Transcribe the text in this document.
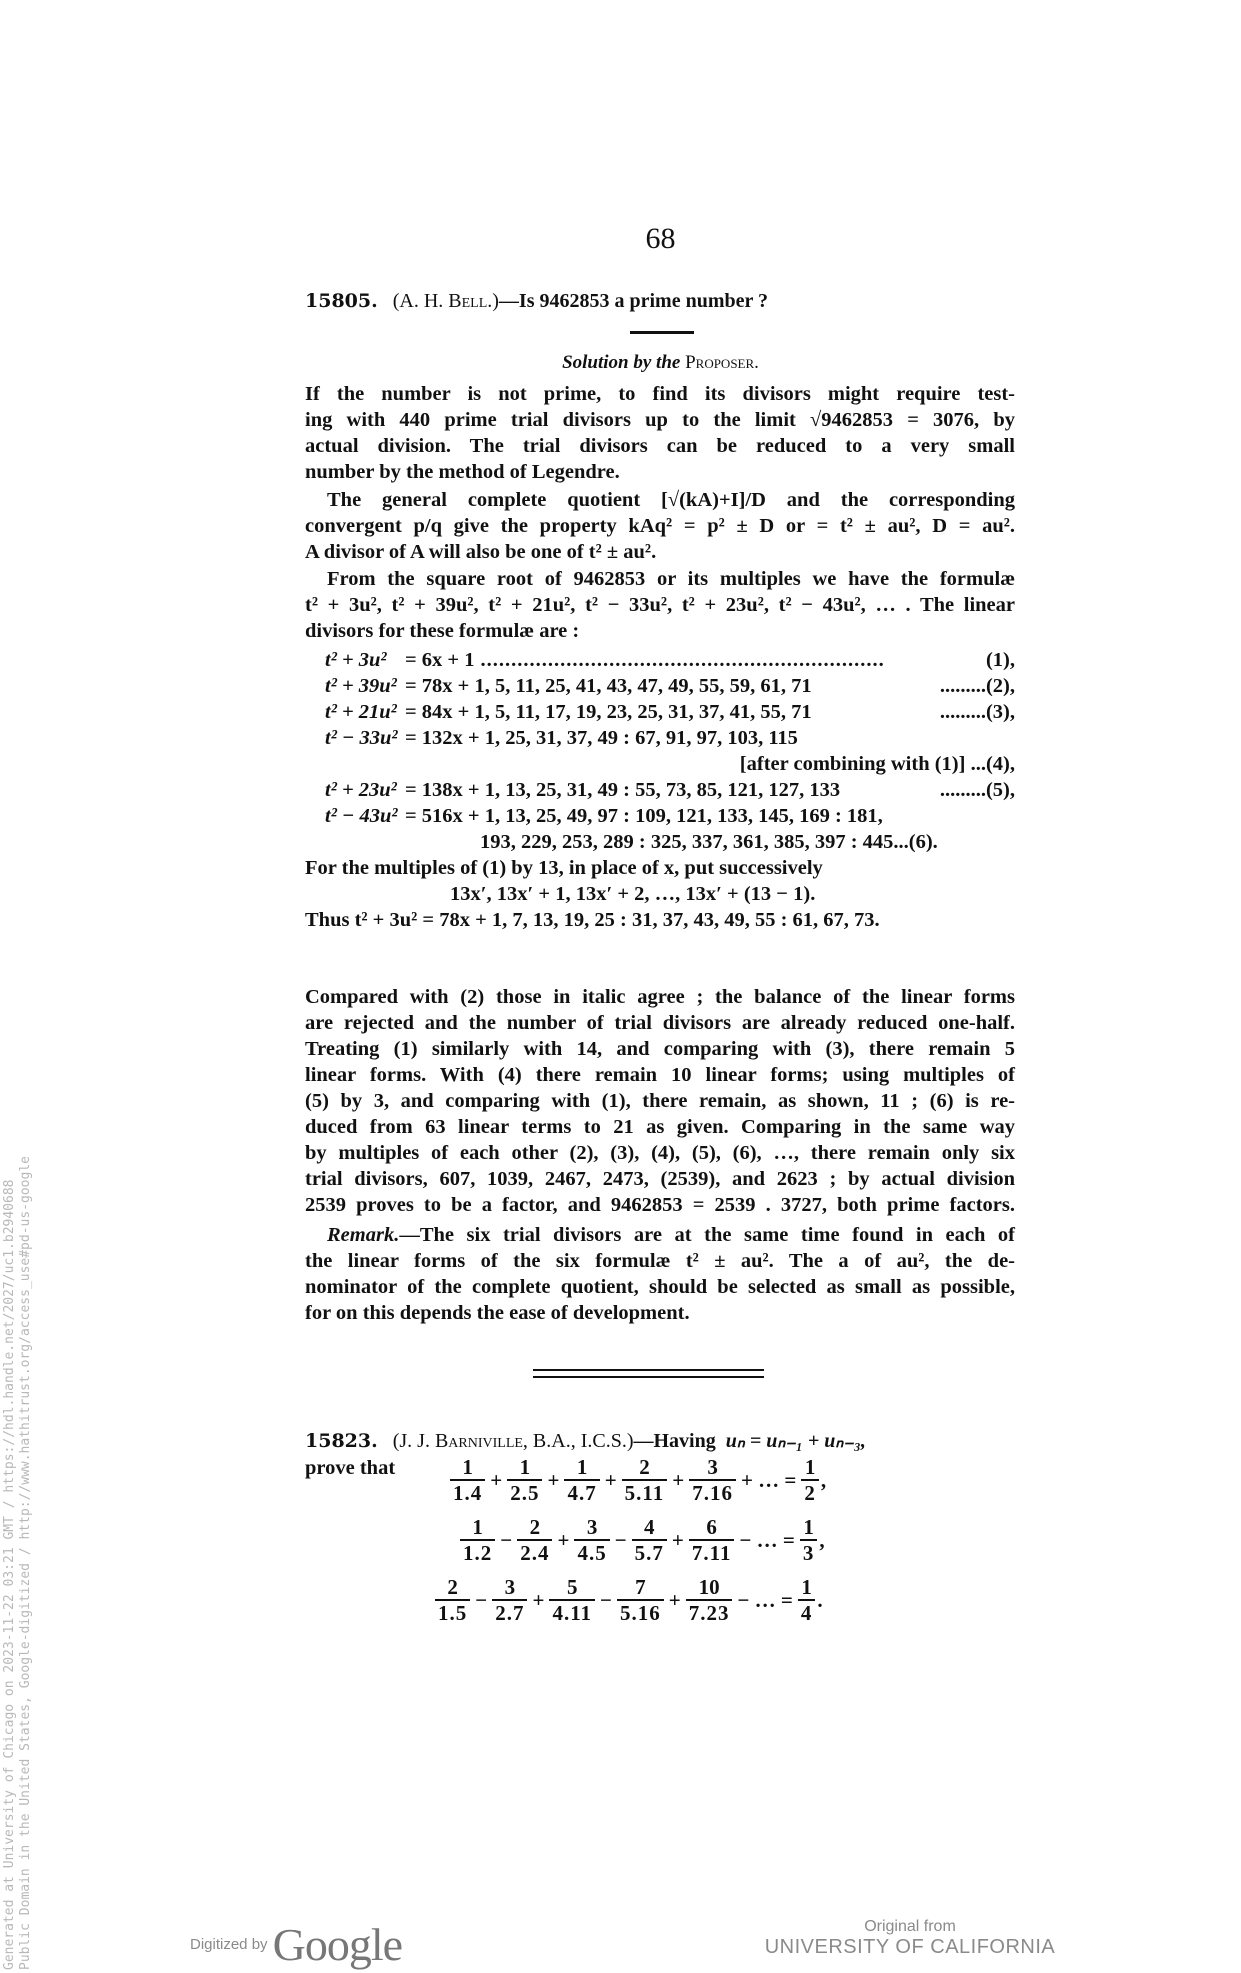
Generated at University of Chicago on 2023-11-22 03:21 GMT / https://hdl.handle.net/2027/uc1.b2940688 Public Domain in the United States, Google-digitized / http://www.hathitrust.org/access_use#pd-us-google
68
15805. (A. H. Bell.)—Is 9462853 a prime number ?
Solution by the Proposer.
If the number is not prime, to find its divisors might require test-
ing with 440 prime trial divisors up to the limit √9462853 = 3076, by
actual division. The trial divisors can be reduced to a very small
number by the method of Legendre.
The general complete quotient [√(kA)+I]/D and the corresponding
convergent p/q give the property kAq² = p² ± D or = t² ± au², D = au².
A divisor of A will also be one of t² ± au².
From the square root of 9462853 or its multiples we have the formulæ
t² + 3u², t² + 39u², t² + 21u², t² − 33u², t² + 23u², t² − 43u², … . The linear
divisors for these formulæ are :
t² + 3u² = 6x + 1 ..................................................................	(1),
t² + 39u² = 78x + 1, 5, 11, 25, 41, 43, 47, 49, 55, 59, 61, 71	......... (2),
t² + 21u² = 84x + 1, 5, 11, 17, 19, 23, 25, 31, 37, 41, 55, 71	......... (3),
t² − 33u² = 132x + 1, 25, 31, 37, 49 : 67, 91, 97, 103, 115
[after combining with (1)] ...(4),
t² + 23u² = 138x + 1, 13, 25, 31, 49 : 55, 73, 85, 121, 127, 133	......... (5),
t² − 43u² = 516x + 1, 13, 25, 49, 97 : 109, 121, 133, 145, 169 : 181,
193, 229, 253, 289 : 325, 337, 361, 385, 397 : 445...(6).
For the multiples of (1) by 13, in place of x, put successively
13x′, 13x′ + 1, 13x′ + 2, …, 13x′ + (13 − 1).
Thus t² + 3u² = 78x + 1, 7, 13, 19, 25 : 31, 37, 43, 49, 55 : 61, 67, 73.
Compared with (2) those in italic agree ; the balance of the linear forms
are rejected and the number of trial divisors are already reduced one-half.
Treating (1) similarly with 14, and comparing with (3), there remain 5
linear forms. With (4) there remain 10 linear forms; using multiples of
(5) by 3, and comparing with (1), there remain, as shown, 11 ; (6) is re-
duced from 63 linear terms to 21 as given. Comparing in the same way
by multiples of each other (2), (3), (4), (5), (6), …, there remain only six
trial divisors, 607, 1039, 2467, 2473, (2539), and 2623 ; by actual division
2539 proves to be a factor, and 9462853 = 2539 . 3727, both prime factors.
Remark. —The six trial divisors are at the same time found in each of
the linear forms of the six formulæ t² ± au². The a of au², the de-
nominator of the complete quotient, should be selected as small as possible,
for on this depends the ease of development.
15823. (J. J. Barniville, B.A., I.C.S.)—Having uₙ = uₙ₋₁ + uₙ₋₃,
prove that	$\frac{1}{1.4} + \frac{1}{2.5} + \frac{1}{4.7} + \frac{2}{5.11} + \frac{3}{7.16}$ + … = $\frac{1}{2}$ ,
$\frac{1}{1.2} - \frac{2}{2.4} + \frac{3}{4.5} - \frac{4}{5.7} + \frac{6}{7.11}$ − … = $\frac{1}{3}$ ,
$\frac{2}{1.5} - \frac{3}{2.7} + \frac{5}{4.11} - \frac{7}{5.16} + \frac{10}{7.23}$ − … = $\frac{1}{4}$ .
Digitized by Google	Original from
UNIVERSITY OF CALIFORNIA
